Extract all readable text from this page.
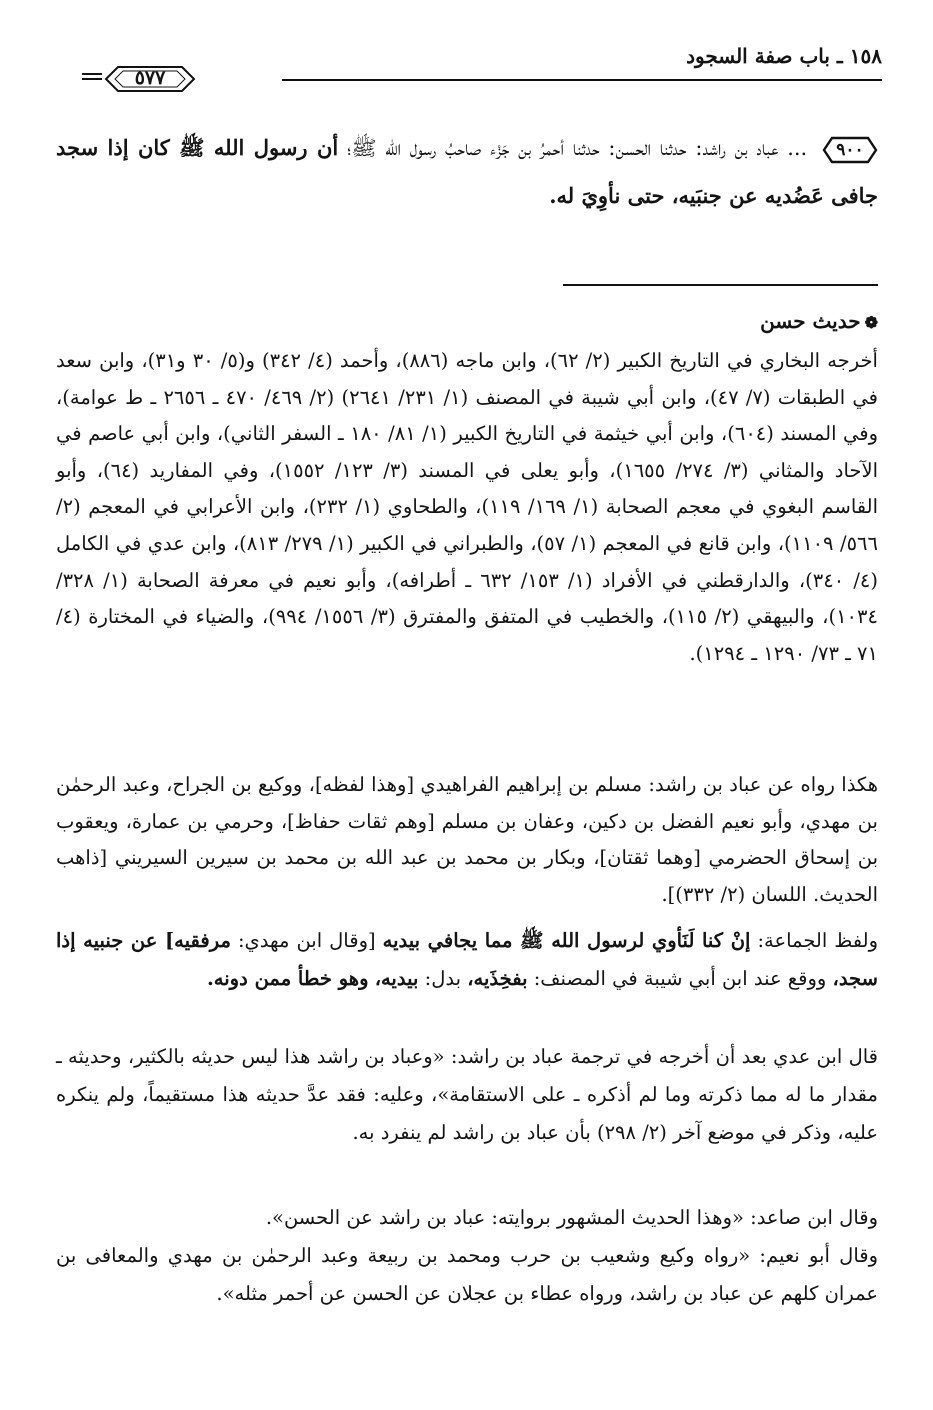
١٥٨ ـ باب صفة السجود
٥٧٧
٩٠٠
... عباد بن راشد: حدثنا الحسن: حدثنا أحمرُ بن جَزْء صاحبُ رسول الله ﷺ؛ أن رسول الله ﷺ كان إذا سجد جافى عَضُديه عن جنبَيه، حتى نأوِيَ له.
❁حديث حسن
أخرجه البخاري في التاريخ الكبير (٢/ ٦٢)، وابن ماجه (٨٨٦)، وأحمد (٤/ ٣٤٢) و(٥/ ٣٠ و٣١)، وابن سعد في الطبقات (٧/ ٤٧)، وابن أبي شيبة في المصنف (١/ ٢٣١/ ٢٦٤١) (٢/ ٤٦٩/ ٤٧٠ ـ ٢٦٥٦ ـ ط عوامة)، وفي المسند (٦٠٤)، وابن أبي خيثمة في التاريخ الكبير (١/ ٨١/ ١٨٠ ـ السفر الثاني)، وابن أبي عاصم في الآحاد والمثاني (٣/ ٢٧٤/ ١٦٥٥)، وأبو يعلى في المسند (٣/ ١٢٣/ ١٥٥٢)، وفي المفاريد (٦٤)، وأبو القاسم البغوي في معجم الصحابة (١/ ١٦٩/ ١١٩)، والطحاوي (١/ ٢٣٢)، وابن الأعرابي في المعجم (٢/ ٥٦٦/ ١١٠٩)، وابن قانع في المعجم (١/ ٥٧)، والطبراني في الكبير (١/ ٢٧٩/ ٨١٣)، وابن عدي في الكامل (٤/ ٣٤٠)، والدارقطني في الأفراد (١/ ١٥٣/ ٦٣٢ ـ أطرافه)، وأبو نعيم في معرفة الصحابة (١/ ٣٢٨/ ١٠٣٤)، والبيهقي (٢/ ١١٥)، والخطيب في المتفق والمفترق (٣/ ١٥٥٦/ ٩٩٤)، والضياء في المختارة (٤/ ٧١ ـ ٧٣/ ١٢٩٠ ـ ١٢٩٤).
هكذا رواه عن عباد بن راشد: مسلم بن إبراهيم الفراهيدي [وهذا لفظه]، ووكيع بن الجراح، وعبد الرحمٰن بن مهدي، وأبو نعيم الفضل بن دكين، وعفان بن مسلم [وهم ثقات حفاظ]، وحرمي بن عمارة، ويعقوب بن إسحاق الحضرمي [وهما ثقتان]، وبكار بن محمد بن عبد الله بن محمد بن سيرين السيريني [ذاهب الحديث. اللسان (٢/ ٣٣٢)].
ولفظ الجماعة: إنْ كنا لَنَأوي لرسول الله ﷺ مما يجافي بيديه [وقال ابن مهدي: مرفقيه] عن جنبيه إذا سجد، ووقع عند ابن أبي شيبة في المصنف: بفخِذَيه، بدل: بيديه، وهو خطأ ممن دونه.
قال ابن عدي بعد أن أخرجه في ترجمة عباد بن راشد: «وعباد بن راشد هذا ليس حديثه بالكثير، وحديثه ـ مقدار ما له مما ذكرته وما لم أذكره ـ على الاستقامة»، وعليه: فقد عدَّ حديثه هذا مستقيماً، ولم ينكره عليه، وذكر في موضع آخر (٢/ ٢٩٨) بأن عباد بن راشد لم ينفرد به.
وقال ابن صاعد: «وهذا الحديث المشهور بروايته: عباد بن راشد عن الحسن».
وقال أبو نعيم: «رواه وكيع وشعيب بن حرب ومحمد بن ربيعة وعبد الرحمٰن بن مهدي والمعافى بن عمران كلهم عن عباد بن راشد، ورواه عطاء بن عجلان عن الحسن عن أحمر مثله».
